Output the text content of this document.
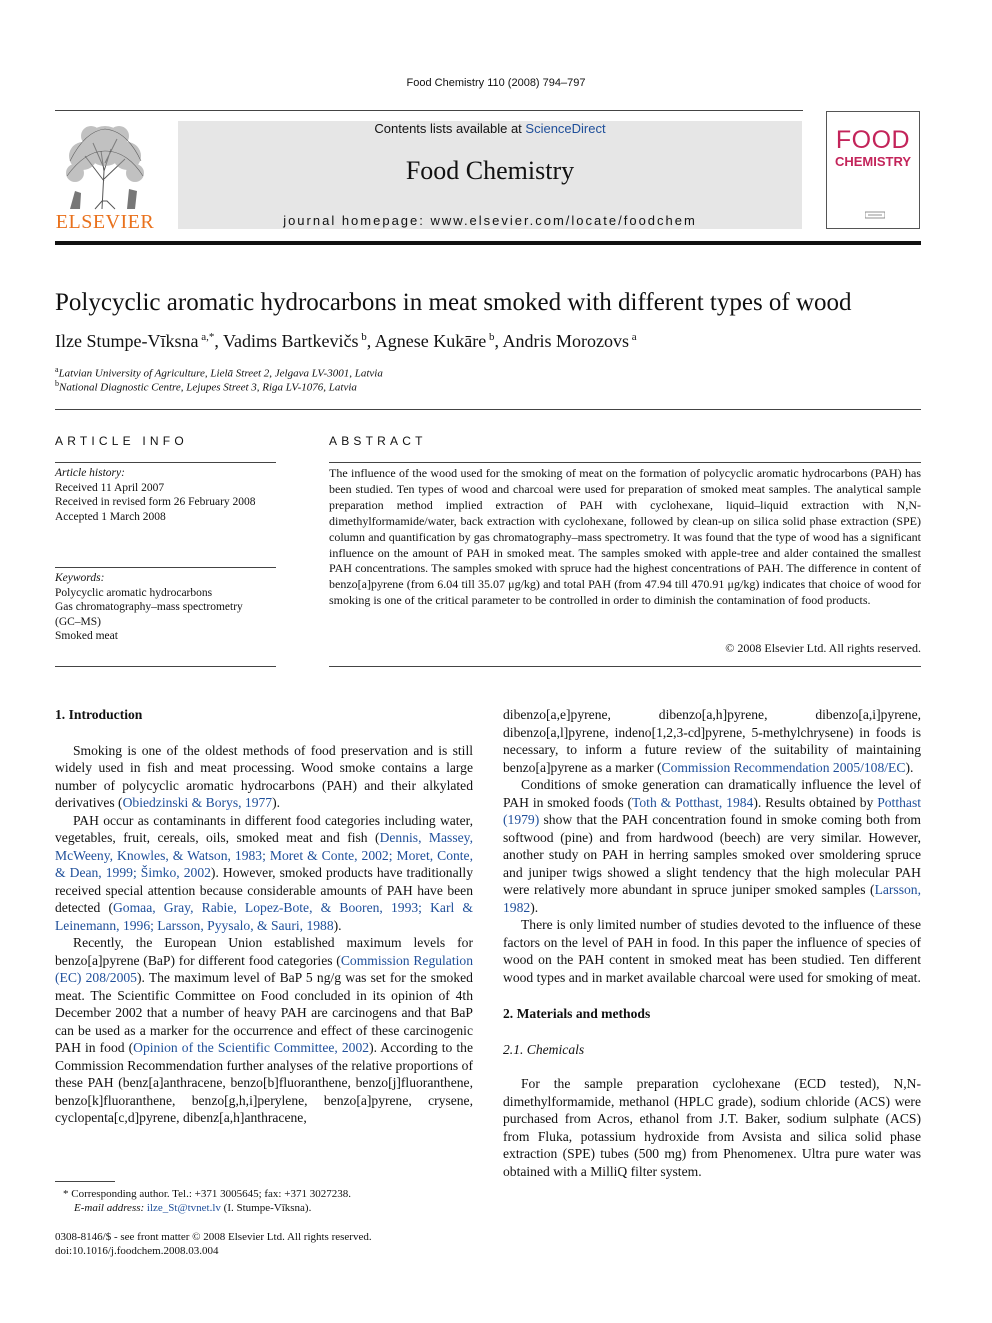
Food Chemistry 110 (2008) 794–797
ELSEVIER
Contents lists available at ScienceDirect
Food Chemistry
journal homepage: www.elsevier.com/locate/foodchem
FOOD
CHEMISTRY
Polycyclic aromatic hydrocarbons in meat smoked with different types of wood
Ilze Stumpe-Vīksna $^{a,*}$, Vadims Bartkevičs $^b$, Agnese Kukāre $^b$, Andris Morozovs $^a$
$^a$Latvian University of Agriculture, Lielā Street 2, Jelgava LV-3001, Latvia
$^b$National Diagnostic Centre, Lejupes Street 3, Riga LV-1076, Latvia
ARTICLE INFO
Article history:
Received 11 April 2007
Received in revised form 26 February 2008
Accepted 1 March 2008
Keywords:
Polycyclic aromatic hydrocarbons
Gas chromatography–mass spectrometry
(GC–MS)
Smoked meat
ABSTRACT
The influence of the wood used for the smoking of meat on the formation of polycyclic aromatic hydrocarbons (PAH) has been studied. Ten types of wood and charcoal were used for preparation of smoked meat samples. The analytical sample preparation method implied extraction of PAH with cyclohexane, liquid–liquid extraction with N,N-dimethylformamide/water, back extraction with cyclohexane, followed by clean-up on silica solid phase extraction (SPE) column and quantification by gas chromatography–mass spectrometry. It was found that the type of wood has a significant influence on the amount of PAH in smoked meat. The samples smoked with apple-tree and alder contained the smallest PAH concentrations. The samples smoked with spruce had the highest concentrations of PAH. The difference in content of benzo[a]pyrene (from 6.04 till 35.07 μg/kg) and total PAH (from 47.94 till 470.91 μg/kg) indicates that choice of wood for smoking is one of the critical parameter to be controlled in order to diminish the contamination of food products.
© 2008 Elsevier Ltd. All rights reserved.
1. Introduction

Smoking is one of the oldest methods of food preservation and is still widely used in fish and meat processing. Wood smoke contains a large number of polycyclic aromatic hydrocarbons (PAH) and their alkylated derivatives (Obiedzinski & Borys, 1977).

PAH occur as contaminants in different food categories including water, vegetables, fruit, cereals, oils, smoked meat and fish (Dennis, Massey, McWeeny, Knowles, & Watson, 1983; Moret & Conte, 2002; Moret, Conte, & Dean, 1999; Šimko, 2002). However, smoked products have traditionally received special attention because considerable amounts of PAH have been detected (Gomaa, Gray, Rabie, Lopez-Bote, & Booren, 1993; Karl & Leinemann, 1996; Larsson, Pyysalo, & Sauri, 1988).

Recently, the European Union established maximum levels for benzo[a]pyrene (BaP) for different food categories (Commission Regulation (EC) 208/2005). The maximum level of BaP 5 ng/g was set for the smoked meat. The Scientific Committee on Food concluded in its opinion of 4th December 2002 that a number of heavy PAH are carcinogens and that BaP can be used as a marker for the occurrence and effect of these carcinogenic PAH in food (Opinion of the Scientific Committee, 2002). According to the Commission Recommendation further analyses of the relative proportions of these PAH (benz[a]anthracene, benzo[b]fluoranthene, benzo[j]fluoranthene, benzo[k]fluoranthene, benzo[g,h,i]perylene, benzo[a]pyrene, crysene, cyclopenta[c,d]pyrene, dibenz[a,h]anthracene,

dibenzo[a,e]pyrene, dibenzo[a,h]pyrene, dibenzo[a,i]pyrene, dibenzo[a,l]pyrene, indeno[1,2,3-cd]pyrene, 5-methylchrysene) in foods is necessary, to inform a future review of the suitability of maintaining benzo[a]pyrene as a marker (Commission Recommendation 2005/108/EC).

Conditions of smoke generation can dramatically influence the level of PAH in smoked foods (Toth & Potthast, 1984). Results obtained by Potthast (1979) show that the PAH concentration found in smoke coming both from softwood (pine) and from hardwood (beech) are very similar. However, another study on PAH in herring samples smoked over smoldering spruce and juniper twigs showed a slight tendency that the high molecular PAH were relatively more abundant in spruce juniper smoked samples (Larsson, 1982).

There is only limited number of studies devoted to the influence of these factors on the level of PAH in food. In this paper the influence of species of wood on the PAH content in smoked meat has been studied. Ten different wood types and in market available charcoal were used for smoking of meat.

2. Materials and methods
2.1. Chemicals

For the sample preparation cyclohexane (ECD tested), N,N-dimethylformamide, methanol (HPLC grade), sodium chloride (ACS) were purchased from Acros, ethanol from J.T. Baker, sodium sulphate (ACS) from Fluka, potassium hydroxide from Avsista and silica solid phase extraction (SPE) tubes (500 mg) from Phenomenex. Ultra pure water was obtained with a MilliQ filter system.

* Corresponding author. Tel.: +371 3005645; fax: +371 3027238.
E-mail address: ilze_St@tvnet.lv (I. Stumpe-Vīksna).
0308-8146/$ - see front matter © 2008 Elsevier Ltd. All rights reserved.
doi:10.1016/j.foodchem.2008.03.004
